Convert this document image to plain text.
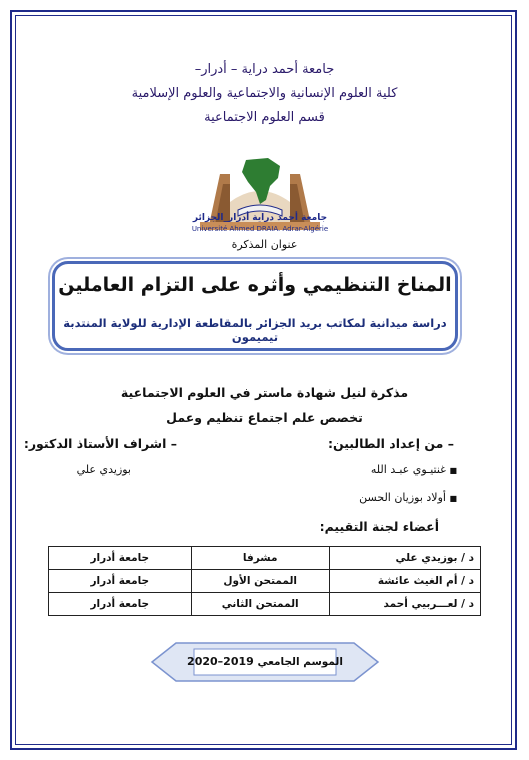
جامعة أحمد دراية – أدرار–
كلية العلوم الإنسانية والاجتماعية والعلوم الإسلامية
قسم العلوم الاجتماعية
جامعة أحمد دراية أدرار_الجزائر
Université Ahmed DRAIA. Adrar-Algérie
عنوان المذكرة
المناخ التنظيمي وأثره على التزام العاملين
دراسة ميدانية لمكاتب بريد الجزائر بالمقاطعة الإدارية للولاية المنتدبة تيميمون
مذكرة لنيل شهادة ماستر في العلوم الاجتماعية
تخصص علم اجتماع تنظيم وعمل
– من إعداد الطالبين:
– اشراف الأستاذ الدكتور:
■ غنتيـوي عبـد الله
بوزيدي علي
■ أولاد بوزيان الحسن
أعضاء لجنة التقييم:
د / بوزيدي علي	مشرفا	جامعة أدرار
د / أم الغيث عائشة	الممتحن الأول	جامعة أدرار
د / لعـــربيي أحمد	الممتحن الثاني	جامعة أدرار
الموسم الجامعي 2019–2020
